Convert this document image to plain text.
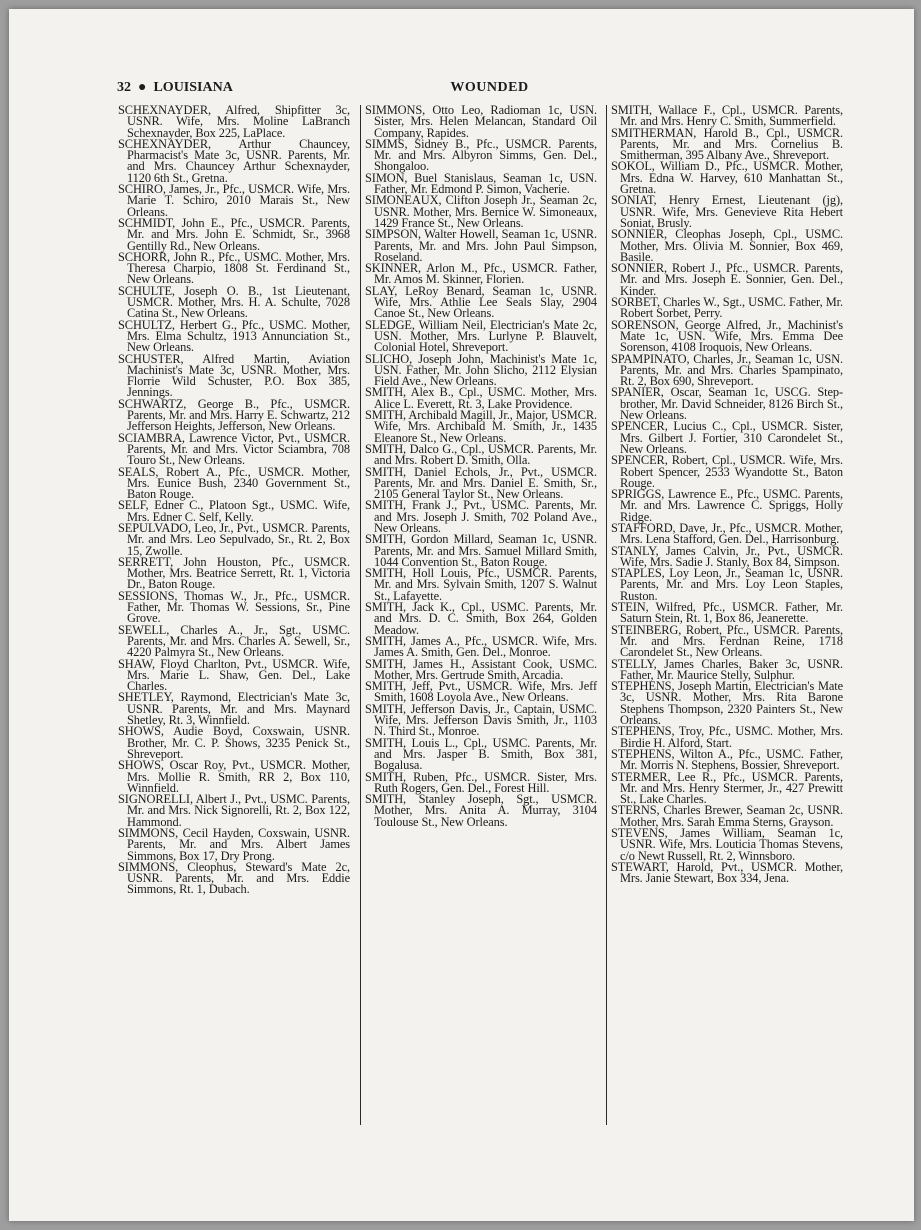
32 ● LOUISIANA	WOUNDED

SCHEXNAYDER, Alfred, Shipfitter 3c, USNR. Wife, Mrs. Moline LaBranch Schexnayder, Box 225, LaPlace.

SCHEXNAYDER, Arthur Chauncey, Pharmacist's Mate 3c, USNR. Parents, Mr. and Mrs. Chauncey Arthur Schexnayder, 1120 6th St., Gretna.

SCHIRO, James, Jr., Pfc., USMCR. Wife, Mrs. Marie T. Schiro, 2010 Marais St., New Orleans.

SCHMIDT, John E., Pfc., USMCR. Parents, Mr. and Mrs. John E. Schmidt, Sr., 3968 Gentilly Rd., New Orleans.

SCHORR, John R., Pfc., USMC. Mother, Mrs. Theresa Charpio, 1808 St. Ferdinand St., New Orleans.

SCHULTE, Joseph O. B., 1st Lieutenant, USMCR. Mother, Mrs. H. A. Schulte, 7028 Catina St., New Orleans.

SCHULTZ, Herbert G., Pfc., USMC. Mother, Mrs. Elma Schultz, 1913 Annunciation St., New Orleans.

SCHUSTER, Alfred Martin, Aviation Machinist's Mate 3c, USNR. Mother, Mrs. Florrie Wild Schuster, P.O. Box 385, Jennings.

SCHWARTZ, George B., Pfc., USMCR. Parents, Mr. and Mrs. Harry E. Schwartz, 212 Jefferson Heights, Jefferson, New Orleans.

SCIAMBRA, Lawrence Victor, Pvt., USMCR. Parents, Mr. and Mrs. Victor Sciambra, 708 Touro St., New Orleans.

SEALS, Robert A., Pfc., USMCR. Mother, Mrs. Eunice Bush, 2340 Government St., Baton Rouge.

SELF, Edner C., Platoon Sgt., USMC. Wife, Mrs. Edner C. Self, Kelly.

SEPULVADO, Leo, Jr., Pvt., USMCR. Parents, Mr. and Mrs. Leo Sepulvado, Sr., Rt. 2, Box 15, Zwolle.

SERRETT, John Houston, Pfc., USMCR. Mother, Mrs. Beatrice Serrett, Rt. 1, Victoria Dr., Baton Rouge.

SESSIONS, Thomas W., Jr., Pfc., USMCR. Father, Mr. Thomas W. Sessions, Sr., Pine Grove.

SEWELL, Charles A., Jr., Sgt., USMC. Parents, Mr. and Mrs. Charles A. Sewell, Sr., 4220 Palmyra St., New Orleans.

SHAW, Floyd Charlton, Pvt., USMCR. Wife, Mrs. Marie L. Shaw, Gen. Del., Lake Charles.

SHETLEY, Raymond, Electrician's Mate 3c, USNR. Parents, Mr. and Mrs. Maynard Shetley, Rt. 3, Winnfield.

SHOWS, Audie Boyd, Coxswain, USNR. Brother, Mr. C. P. Shows, 3235 Penick St., Shreveport.

SHOWS, Oscar Roy, Pvt., USMCR. Mother, Mrs. Mollie R. Smith, RR 2, Box 110, Winnfield.

SIGNORELLI, Albert J., Pvt., USMC. Parents, Mr. and Mrs. Nick Signorelli, Rt. 2, Box 122, Hammond.

SIMMONS, Cecil Hayden, Coxswain, USNR. Parents, Mr. and Mrs. Albert James Simmons, Box 17, Dry Prong.

SIMMONS, Cleophus, Steward's Mate 2c, USNR. Parents, Mr. and Mrs. Eddie Simmons, Rt. 1, Dubach.

SIMMONS, Otto Leo, Radioman 1c, USN. Sister, Mrs. Helen Melancan, Standard Oil Company, Rapides.

SIMMS, Sidney B., Pfc., USMCR. Parents, Mr. and Mrs. Albyron Simms, Gen. Del., Shongaloo.

SIMON, Buel Stanislaus, Seaman 1c, USN. Father, Mr. Edmond P. Simon, Vacherie.

SIMONEAUX, Clifton Joseph Jr., Seaman 2c, USNR. Mother, Mrs. Bernice W. Simoneaux, 1429 France St., New Orleans.

SIMPSON, Walter Howell, Seaman 1c, USNR. Parents, Mr. and Mrs. John Paul Simpson, Roseland.

SKINNER, Arlon M., Pfc., USMCR. Father, Mr. Amos M. Skinner, Florien.

SLAY, LeRoy Benard, Seaman 1c, USNR. Wife, Mrs. Athlie Lee Seals Slay, 2904 Canoe St., New Orleans.

SLEDGE, William Neil, Electrician's Mate 2c, USN. Mother, Mrs. Lurlyne P. Blauvelt, Colonial Hotel, Shreveport.

SLICHO, Joseph John, Machinist's Mate 1c, USN. Father, Mr. John Slicho, 2112 Elysian Field Ave., New Orleans.

SMITH, Alex B., Cpl., USMC. Mother, Mrs. Alice L. Everett, Rt. 3, Lake Providence.

SMITH, Archibald Magill, Jr., Major, USMCR. Wife, Mrs. Archibald M. Smith, Jr., 1435 Eleanore St., New Orleans.

SMITH, Dalco G., Cpl., USMCR. Parents, Mr. and Mrs. Robert D. Smith, Olla.

SMITH, Daniel Echols, Jr., Pvt., USMCR. Parents, Mr. and Mrs. Daniel E. Smith, Sr., 2105 General Taylor St., New Orleans.

SMITH, Frank J., Pvt., USMC. Parents, Mr. and Mrs. Joseph J. Smith, 702 Poland Ave., New Orleans.

SMITH, Gordon Millard, Seaman 1c, USNR. Parents, Mr. and Mrs. Samuel Millard Smith, 1044 Convention St., Baton Rouge.

SMITH, Holl Louis, Pfc., USMCR. Parents, Mr. and Mrs. Sylvain Smith, 1207 S. Walnut St., Lafayette.

SMITH, Jack K., Cpl., USMC. Parents, Mr. and Mrs. D. C. Smith, Box 264, Golden Meadow.

SMITH, James A., Pfc., USMCR. Wife, Mrs. James A. Smith, Gen. Del., Monroe.

SMITH, James H., Assistant Cook, USMC. Mother, Mrs. Gertrude Smith, Arcadia.

SMITH, Jeff, Pvt., USMCR. Wife, Mrs. Jeff Smith, 1608 Loyola Ave., New Orleans.

SMITH, Jefferson Davis, Jr., Captain, USMC. Wife, Mrs. Jefferson Davis Smith, Jr., 1103 N. Third St., Monroe.

SMITH, Louis L., Cpl., USMC. Parents, Mr. and Mrs. Jasper B. Smith, Box 381, Bogalusa.

SMITH, Ruben, Pfc., USMCR. Sister, Mrs. Ruth Rogers, Gen. Del., Forest Hill.

SMITH, Stanley Joseph, Sgt., USMCR. Mother, Mrs. Anita A. Murray, 3104 Toulouse St., New Orleans.

SMITH, Wallace F., Cpl., USMCR. Parents, Mr. and Mrs. Henry C. Smith, Summerfield.

SMITHERMAN, Harold B., Cpl., USMCR. Parents, Mr. and Mrs. Cornelius B. Smitherman, 395 Albany Ave., Shreveport.

SOKOL, William D., Pfc., USMCR. Mother, Mrs. Edna W. Harvey, 610 Manhattan St., Gretna.

SONIAT, Henry Ernest, Lieutenant (jg), USNR. Wife, Mrs. Genevieve Rita Hebert Soniat, Brusly.

SONNIER, Cleophas Joseph, Cpl., USMC. Mother, Mrs. Olivia M. Sonnier, Box 469, Basile.

SONNIER, Robert J., Pfc., USMCR. Parents, Mr. and Mrs. Joseph E. Sonnier, Gen. Del., Kinder.

SORBET, Charles W., Sgt., USMC. Father, Mr. Robert Sorbet, Perry.

SORENSON, George Alfred, Jr., Machinist's Mate 1c, USN. Wife, Mrs. Emma Dee Sorenson, 4108 Iroquois, New Orleans.

SPAMPINATO, Charles, Jr., Seaman 1c, USN. Parents, Mr. and Mrs. Charles Spampinato, Rt. 2, Box 690, Shreveport.

SPANIER, Oscar, Seaman 1c, USCG. Step-brother, Mr. David Schneider, 8126 Birch St., New Orleans.

SPENCER, Lucius C., Cpl., USMCR. Sister, Mrs. Gilbert J. Fortier, 310 Carondelet St., New Orleans.

SPENCER, Robert, Cpl., USMCR. Wife, Mrs. Robert Spencer, 2533 Wyandotte St., Baton Rouge.

SPRIGGS, Lawrence E., Pfc., USMC. Parents, Mr. and Mrs. Lawrence C. Spriggs, Holly Ridge.

STAFFORD, Dave, Jr., Pfc., USMCR. Mother, Mrs. Lena Stafford, Gen. Del., Harrisonburg.

STANLY, James Calvin, Jr., Pvt., USMCR. Wife, Mrs. Sadie J. Stanly, Box 84, Simpson.

STAPLES, Loy Leon, Jr., Seaman 1c, USNR. Parents, Mr. and Mrs. Loy Leon Staples, Ruston.

STEIN, Wilfred, Pfc., USMCR. Father, Mr. Saturn Stein, Rt. 1, Box 86, Jeanerette.

STEINBERG, Robert, Pfc., USMCR. Parents, Mr. and Mrs. Ferdnan Reine, 1718 Carondelet St., New Orleans.

STELLY, James Charles, Baker 3c, USNR. Father, Mr. Maurice Stelly, Sulphur.

STEPHENS, Joseph Martin, Electrician's Mate 3c, USNR. Mother, Mrs. Rita Barone Stephens Thompson, 2320 Painters St., New Orleans.

STEPHENS, Troy, Pfc., USMC. Mother, Mrs. Birdie H. Alford, Start.

STEPHENS, Wilton A., Pfc., USMC. Father, Mr. Morris N. Stephens, Bossier, Shreveport.

STERMER, Lee R., Pfc., USMCR. Parents, Mr. and Mrs. Henry Stermer, Jr., 427 Prewitt St., Lake Charles.

STERNS, Charles Brewer, Seaman 2c, USNR. Mother, Mrs. Sarah Emma Sterns, Grayson.

STEVENS, James William, Seaman 1c, USNR. Wife, Mrs. Louticia Thomas Stevens, c/o Newt Russell, Rt. 2, Winnsboro.

STEWART, Harold, Pvt., USMCR. Mother, Mrs. Janie Stewart, Box 334, Jena.
